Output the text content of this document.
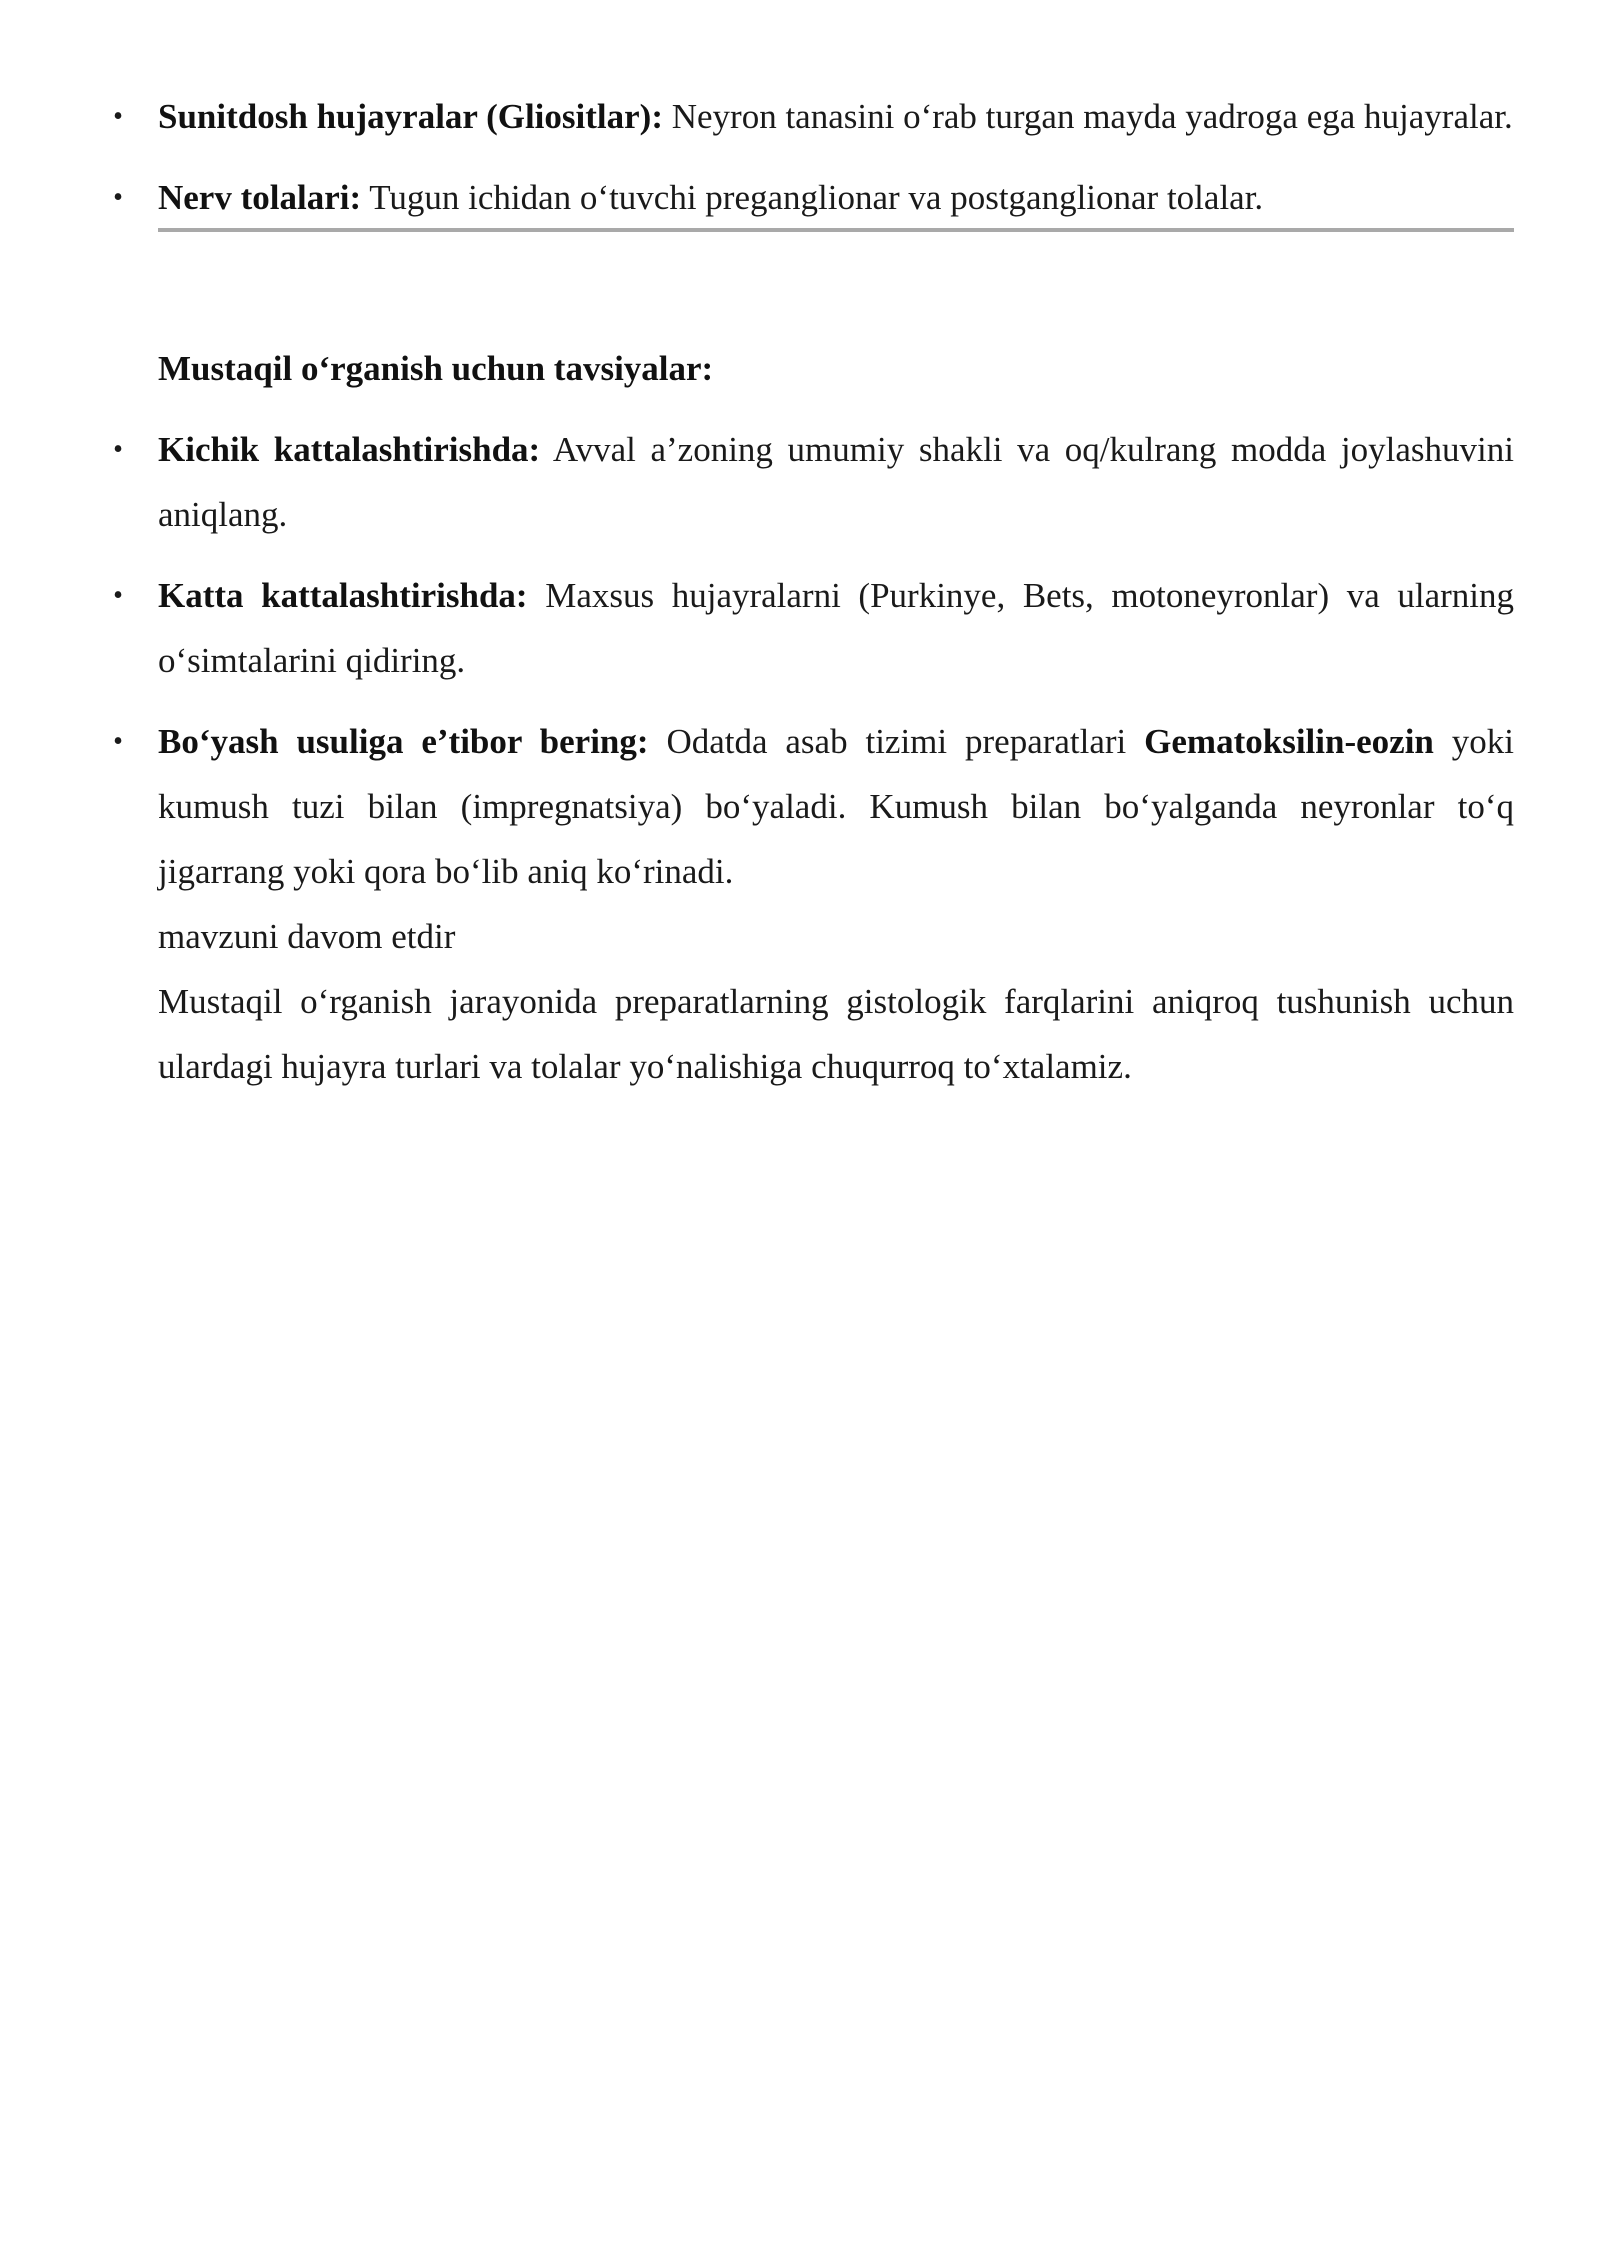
• Sunitdosh hujayralar (Gliositlar): Neyron tanasini o‘rab turgan mayda yadroga ega hujayralar.
• Nerv tolalari: Tugun ichidan o‘tuvchi preganglionar va postganglionar tolalar.
Mustaqil o‘rganish uchun tavsiyalar:
• Kichik kattalashtirishda: Avval a’zoning umumiy shakli va oq/kulrang modda joylashuvini aniqlang.
• Katta kattalashtirishda: Maxsus hujayralarni (Purkinye, Bets, motoneyronlar) va ularning o‘simtalarini qidiring.
• Bo‘yash usuliga e’tibor bering: Odatda asab tizimi preparatlari Gematoksilin-eozin yoki kumush tuzi bilan (impregnatsiya) bo‘yaladi. Kumush bilan bo‘yalganda neyronlar to‘q jigarrang yoki qora bo‘lib aniq ko‘rinadi.
mavzuni davom etdir
Mustaqil o‘rganish jarayonida preparatlarning gistologik farqlarini aniqroq tushunish uchun ulardagi hujayra turlari va tolalar yo‘nalishiga chuqurroq to‘xtalamiz.
